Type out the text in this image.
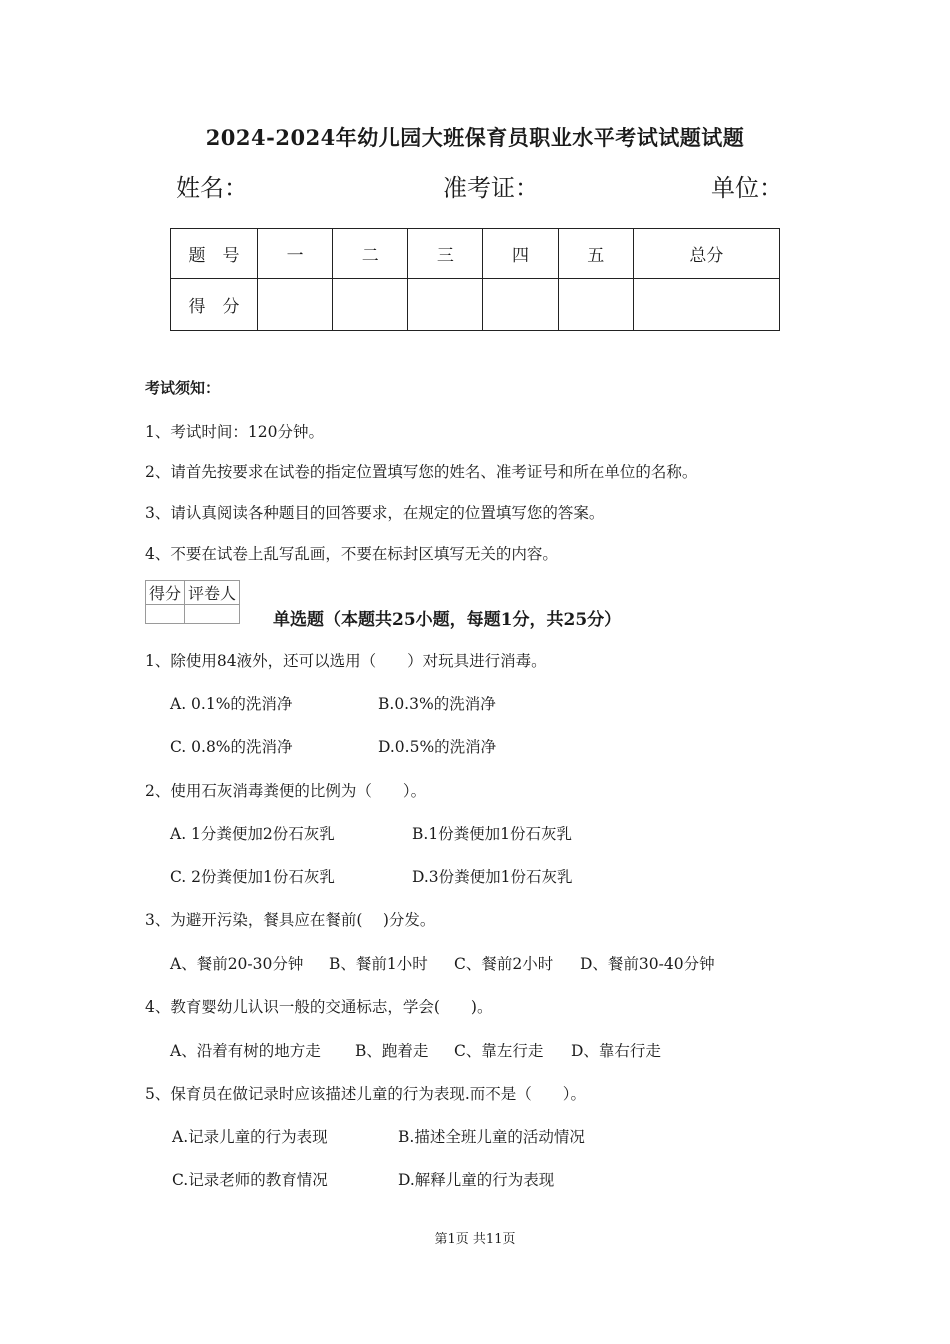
2024-2024年幼儿园大班保育员职业水平考试试题试题
姓名：	准考证：	单位：
题　号	一	二	三	四	五	总分
得　分						
考试须知：
1、考试时间：120分钟。
2、请首先按要求在试卷的指定位置填写您的姓名、准考证号和所在单位的名称。
3、请认真阅读各种题目的回答要求，在规定的位置填写您的答案。
4、不要在试卷上乱写乱画，不要在标封区填写无关的内容。
得分	评卷人

单选题（本题共25小题，每题1分，共25分）
1、除使用84液外，还可以选用（　　）对玩具进行消毒。
A. 0.1%的洗消净	B.0.3%的洗消净
C. 0.8%的洗消净	D.0.5%的洗消净
2、使用石灰消毒粪便的比例为（　　）。
A. 1分粪便加2份石灰乳	B.1份粪便加1份石灰乳
C. 2份粪便加1份石灰乳	D.3份粪便加1份石灰乳
3、为避开污染，餐具应在餐前(　 )分发。
A、餐前20-30分钟 B、餐前1小时 C、餐前2小时 D、餐前30-40分钟
4、教育婴幼儿认识一般的交通标志，学会(　　)。
A、沿着有树的地方走 B、跑着走 C、靠左行走 D、靠右行走
5、保育员在做记录时应该描述儿童的行为表现.而不是（　　）。
A.记录儿童的行为表现	B.描述全班儿童的活动情况
C.记录老师的教育情况	D.解释儿童的行为表现
第1页 共11页
